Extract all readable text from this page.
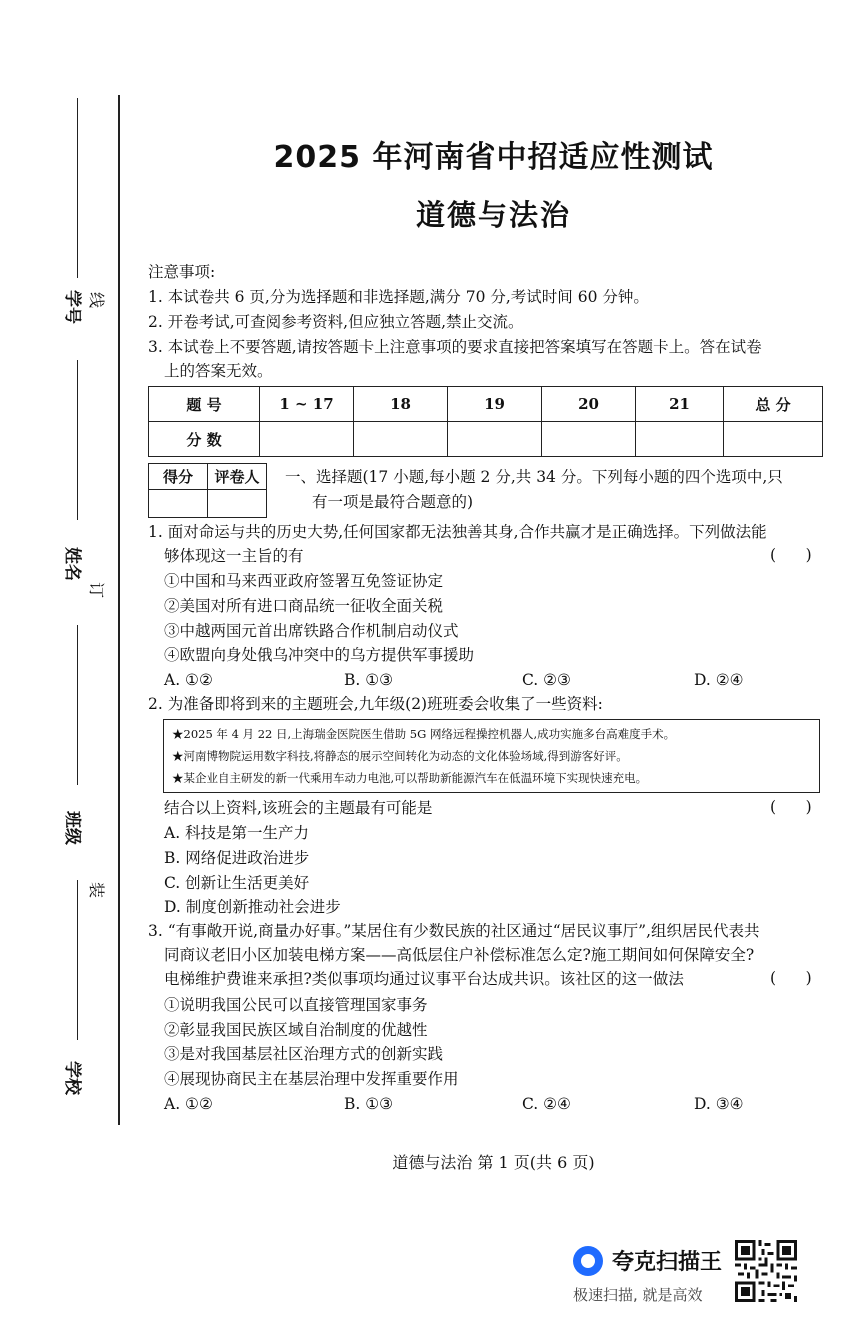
学号
姓名
班级
学校
线
订
装
2025 年河南省中招适应性测试
道德与法治
注意事项:
1. 本试卷共 6 页,分为选择题和非选择题,满分 70 分,考试时间 60 分钟。
2. 开卷考试,可查阅参考资料,但应独立答题,禁止交流。
3. 本试卷上不要答题,请按答题卡上注意事项的要求直接把答案填写在答题卡上。答在试卷
上的答案无效。
题 号	1 ~ 17	18	19	20	21	总 分
分 数						
得分	评卷人
	一、选择题(17 小题,每小题 2 分,共 34 分。下列每小题的四个选项中,只
有一项是最符合题意的)
1. 面对命运与共的历史大势,任何国家都无法独善其身,合作共赢才是正确选择。下列做法能
够体现这一主旨的有	(      )
①中国和马来西亚政府签署互免签证协定
②美国对所有进口商品统一征收全面关税
③中越两国元首出席铁路合作机制启动仪式
④欧盟向身处俄乌冲突中的乌方提供军事援助
A. ①②	B. ①③	C. ②③	D. ②④
2. 为准备即将到来的主题班会,九年级(2)班班委会收集了一些资料:
★2025 年 4 月 22 日,上海瑞金医院医生借助 5G 网络远程操控机器人,成功实施多台高难度手术。
★河南博物院运用数字科技,将静态的展示空间转化为动态的文化体验场域,得到游客好评。
★某企业自主研发的新一代乘用车动力电池,可以帮助新能源汽车在低温环境下实现快速充电。
结合以上资料,该班会的主题最有可能是	(      )
A. 科技是第一生产力
B. 网络促进政治进步
C. 创新让生活更美好
D. 制度创新推动社会进步
3. “有事敞开说,商量办好事。”某居住有少数民族的社区通过“居民议事厅”,组织居民代表共
同商议老旧小区加装电梯方案——高低层住户补偿标准怎么定?施工期间如何保障安全?
电梯维护费谁来承担?类似事项均通过议事平台达成共识。该社区的这一做法	(      )
①说明我国公民可以直接管理国家事务
②彰显我国民族区域自治制度的优越性
③是对我国基层社区治理方式的创新实践
④展现协商民主在基层治理中发挥重要作用
A. ①②	B. ①③	C. ②④	D. ③④
道德与法治 第 1 页(共 6 页)
夸克扫描王
极速扫描, 就是高效
